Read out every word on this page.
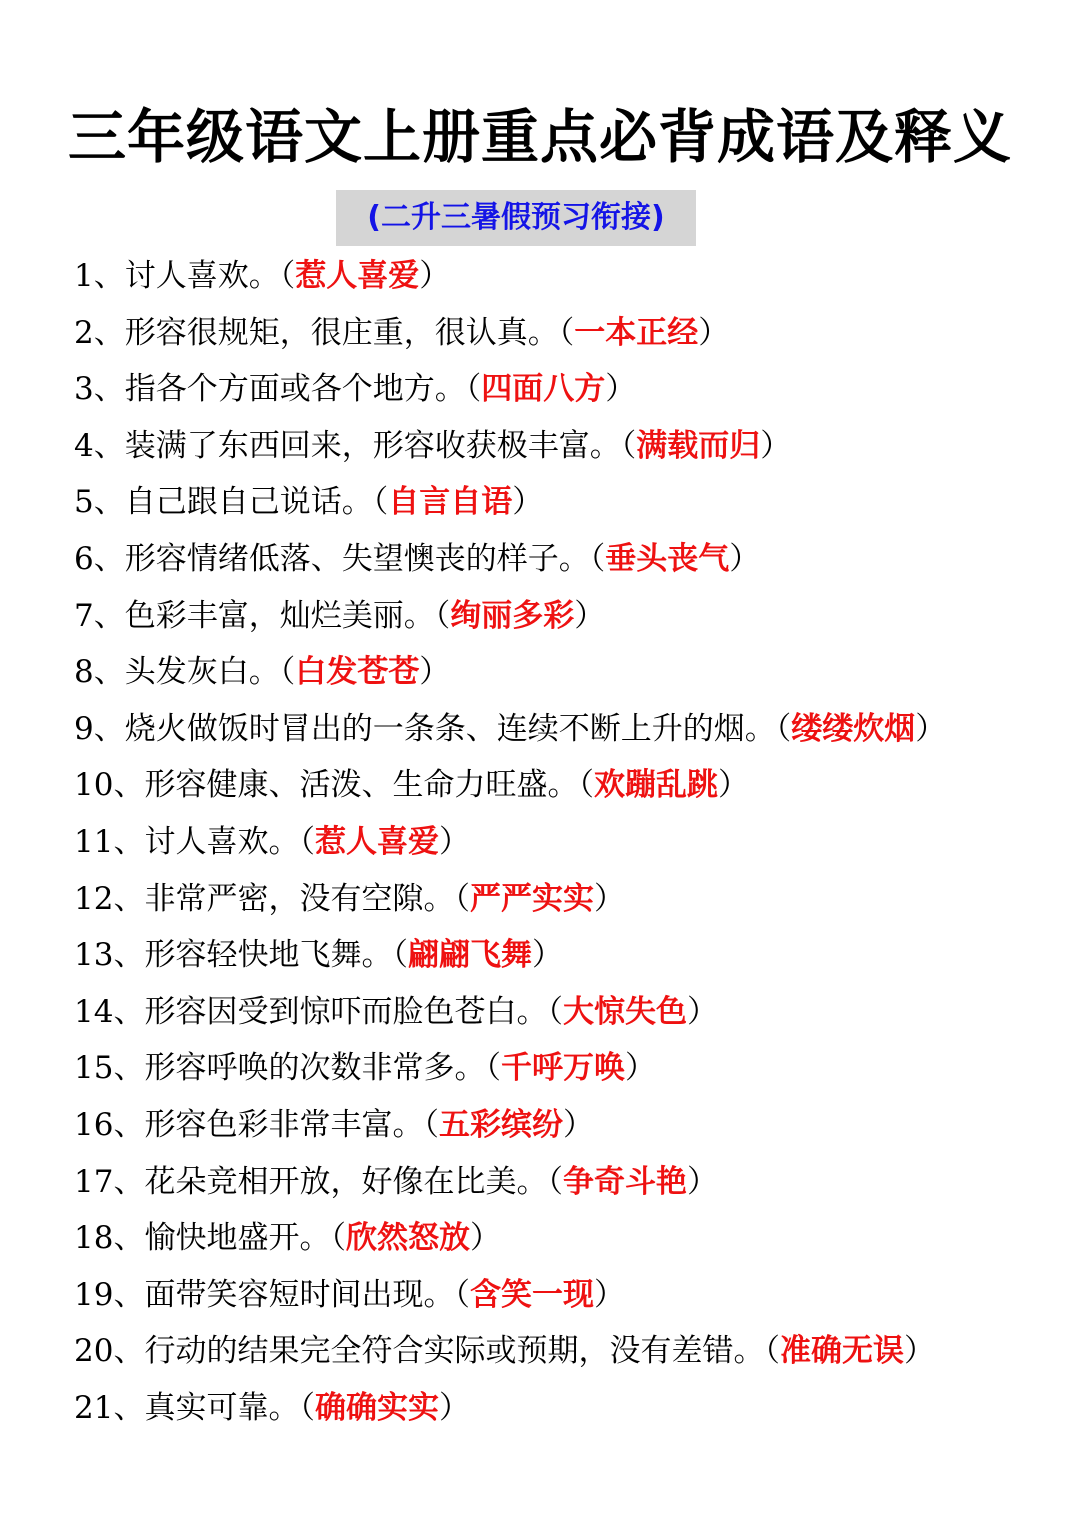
三年级语文上册重点必背成语及释义
(二升三暑假预习衔接)
1、讨人喜欢。（惹人喜爱）
2、形容很规矩，很庄重，很认真。（一本正经）
3、指各个方面或各个地方。（四面八方）
4、装满了东西回来，形容收获极丰富。（满载而归）
5、自己跟自己说话。（自言自语）
6、形容情绪低落、失望懊丧的样子。（垂头丧气）
7、色彩丰富，灿烂美丽。（绚丽多彩）
8、头发灰白。（白发苍苍）
9、烧火做饭时冒出的一条条、连续不断上升的烟。（缕缕炊烟）
10、形容健康、活泼、生命力旺盛。（欢蹦乱跳）
11、讨人喜欢。（惹人喜爱）
12、非常严密，没有空隙。（严严实实）
13、形容轻快地飞舞。（翩翩飞舞）
14、形容因受到惊吓而脸色苍白。（大惊失色）
15、形容呼唤的次数非常多。（千呼万唤）
16、形容色彩非常丰富。（五彩缤纷）
17、花朵竞相开放，好像在比美。（争奇斗艳）
18、愉快地盛开。（欣然怒放）
19、面带笑容短时间出现。（含笑一现）
20、行动的结果完全符合实际或预期，没有差错。（准确无误）
21、真实可靠。（确确实实）
